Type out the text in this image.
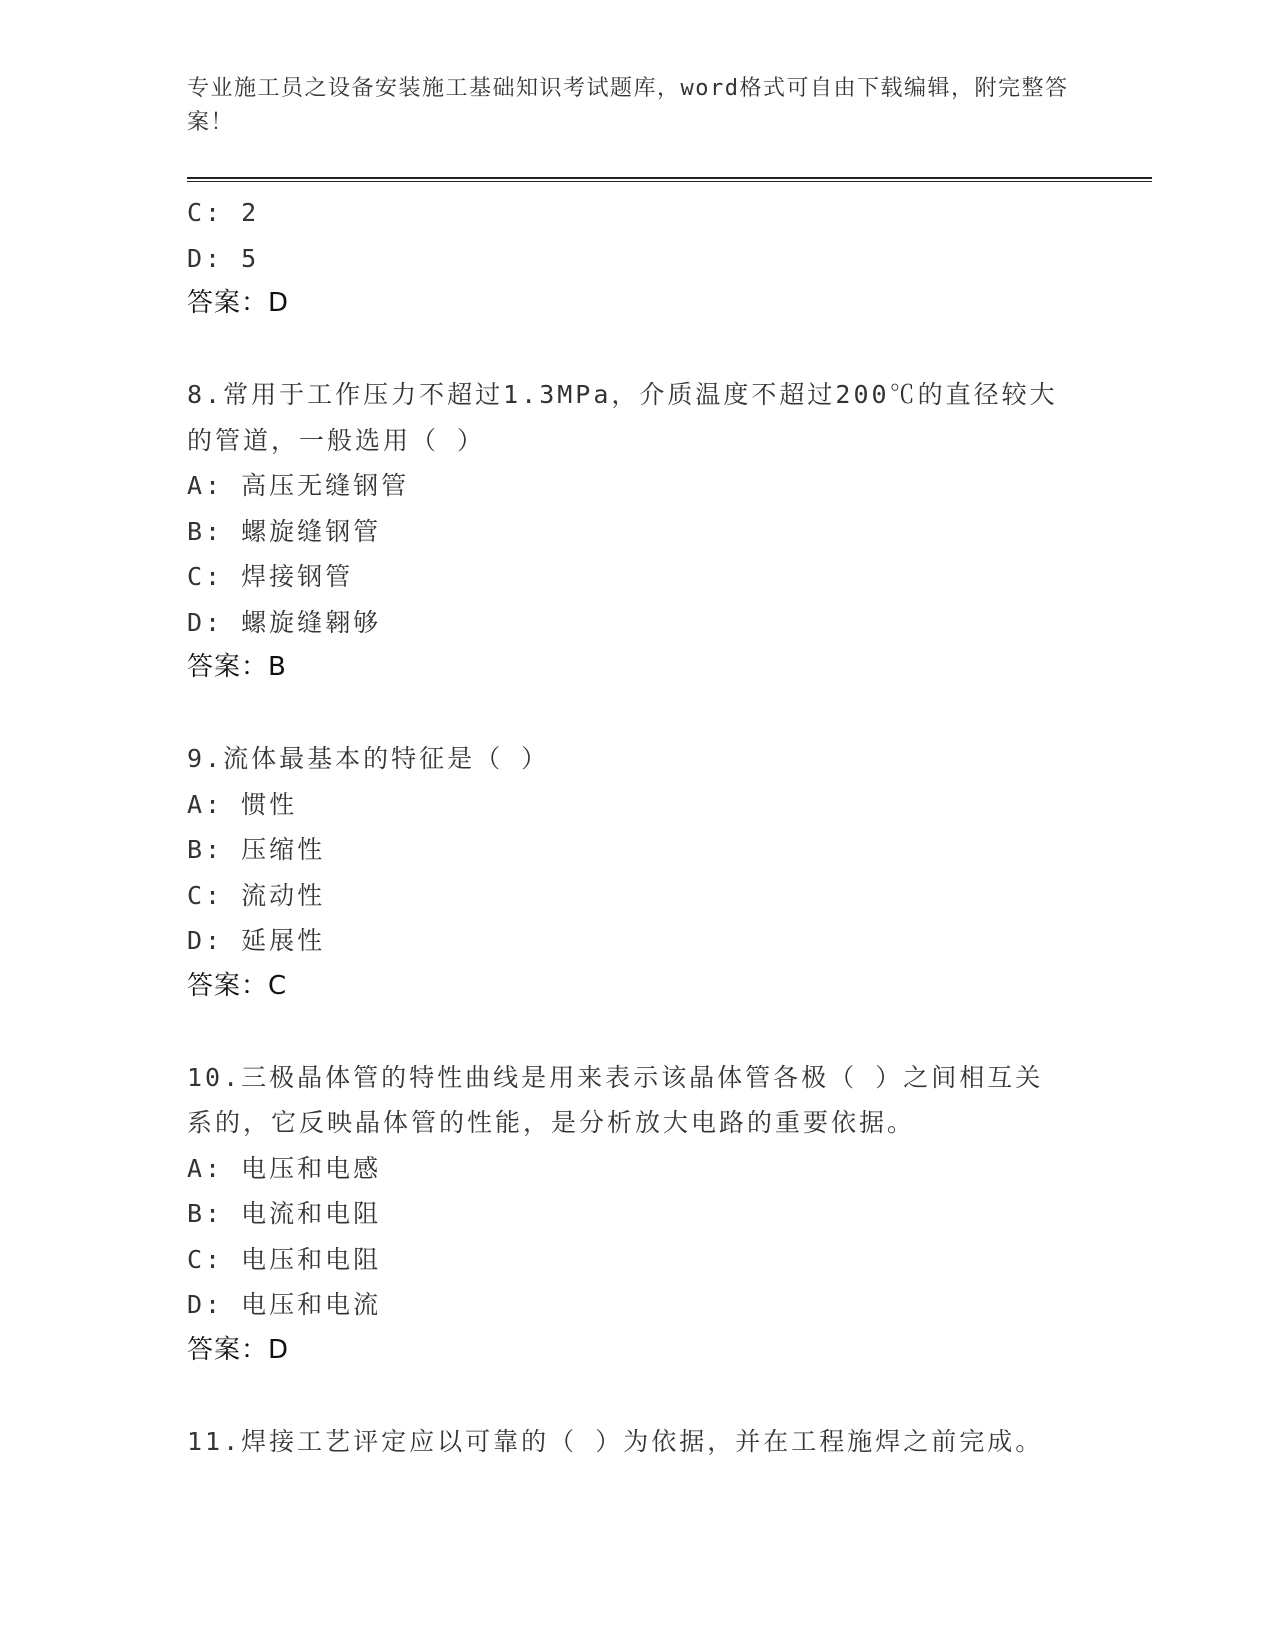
专业施工员之设备安装施工基础知识考试题库，word格式可自由下载编辑，附完整答案！
C: 2
D: 5
答案：D
8.常用于工作压力不超过1.3MPa，介质温度不超过200℃的直径较大的管道，一般选用（ ）
A: 高压无缝钢管
B: 螺旋缝钢管
C: 焊接钢管
D: 螺旋缝翱够
答案：B
9.流体最基本的特征是（ ）
A: 惯性
B: 压缩性
C: 流动性
D: 延展性
答案：C
10.三极晶体管的特性曲线是用来表示该晶体管各极（ ）之间相互关系的，它反映晶体管的性能，是分析放大电路的重要依据。
A: 电压和电感
B: 电流和电阻
C: 电压和电阻
D: 电压和电流
答案：D
11.焊接工艺评定应以可靠的（ ）为依据，并在工程施焊之前完成。
